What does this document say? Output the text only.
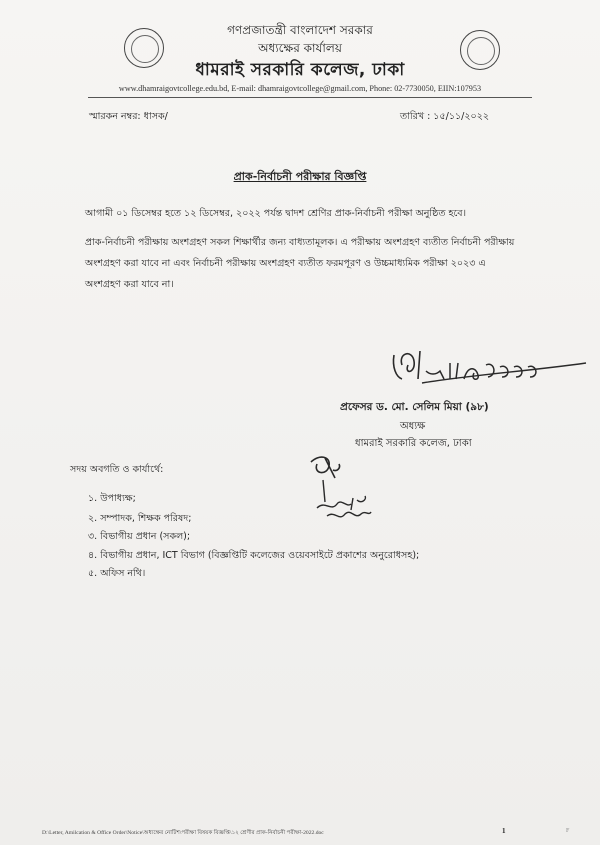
গণপ্রজাতন্ত্রী বাংলাদেশ সরকার
অধ্যক্ষের কার্যালয়
ধামরাই সরকারি কলেজ, ঢাকা
www.dhamraigovtcollege.edu.bd, E-mail: dhamraigovtcollege@gmail.com, Phone: 02-7730050, EIIN:107953
স্মারকন নম্বর: ধাসক/	তারিখ : ১৫/১১/২০২২
প্রাক-নির্বাচনী পরীক্ষার বিজ্ঞপ্তি
আগামী ০১ ডিসেম্বর হতে ১২ ডিসেম্বর, ২০২২ পর্যন্ত দ্বাদশ শ্রেণির প্রাক-নির্বাচনী পরীক্ষা অনুষ্ঠিত হবে।
প্রাক-নির্বাচনী পরীক্ষায় অংশগ্রহণ সকল শিক্ষার্থীর জন্য বাধ্যতামূলক। এ পরীক্ষায় অংশগ্রহণ ব্যতীত নির্বাচনী পরীক্ষায় অংশগ্রহণ করা যাবে না এবং নির্বাচনী পরীক্ষায় অংশগ্রহণ ব্যতীত ফরমপূরণ ও উচ্চমাধ্যমিক পরীক্ষা ২০২৩ এ অংশগ্রহণ করা যাবে না।
প্রফেসর ড. মো. সেলিম মিয়া (৯৮)
অধ্যক্ষ
ধামরাই সরকারি কলেজ, ঢাকা
সদয় অবগতি ও কার্যার্থে:
১. উপাধ্যক্ষ;
২. সম্পাদক, শিক্ষক পরিষদ;
৩. বিভাগীয় প্রধান (সকল);
৪. বিভাগীয় প্রধান, ICT বিভাগ (বিজ্ঞপ্তিটি কলেজের ওয়েবসাইটে প্রকাশের অনুরোধসহ);
৫. অফিস নথি।
D:\Letter, Amilcation & Office Order\Notice\অধ্যক্ষের নোটিশ\পরীক্ষা বিষয়ক বিজ্ঞপ্তি\১২ শ্রেণীর প্রাক-নির্বাচনী পরীক্ষা-2022.doc	1	F
